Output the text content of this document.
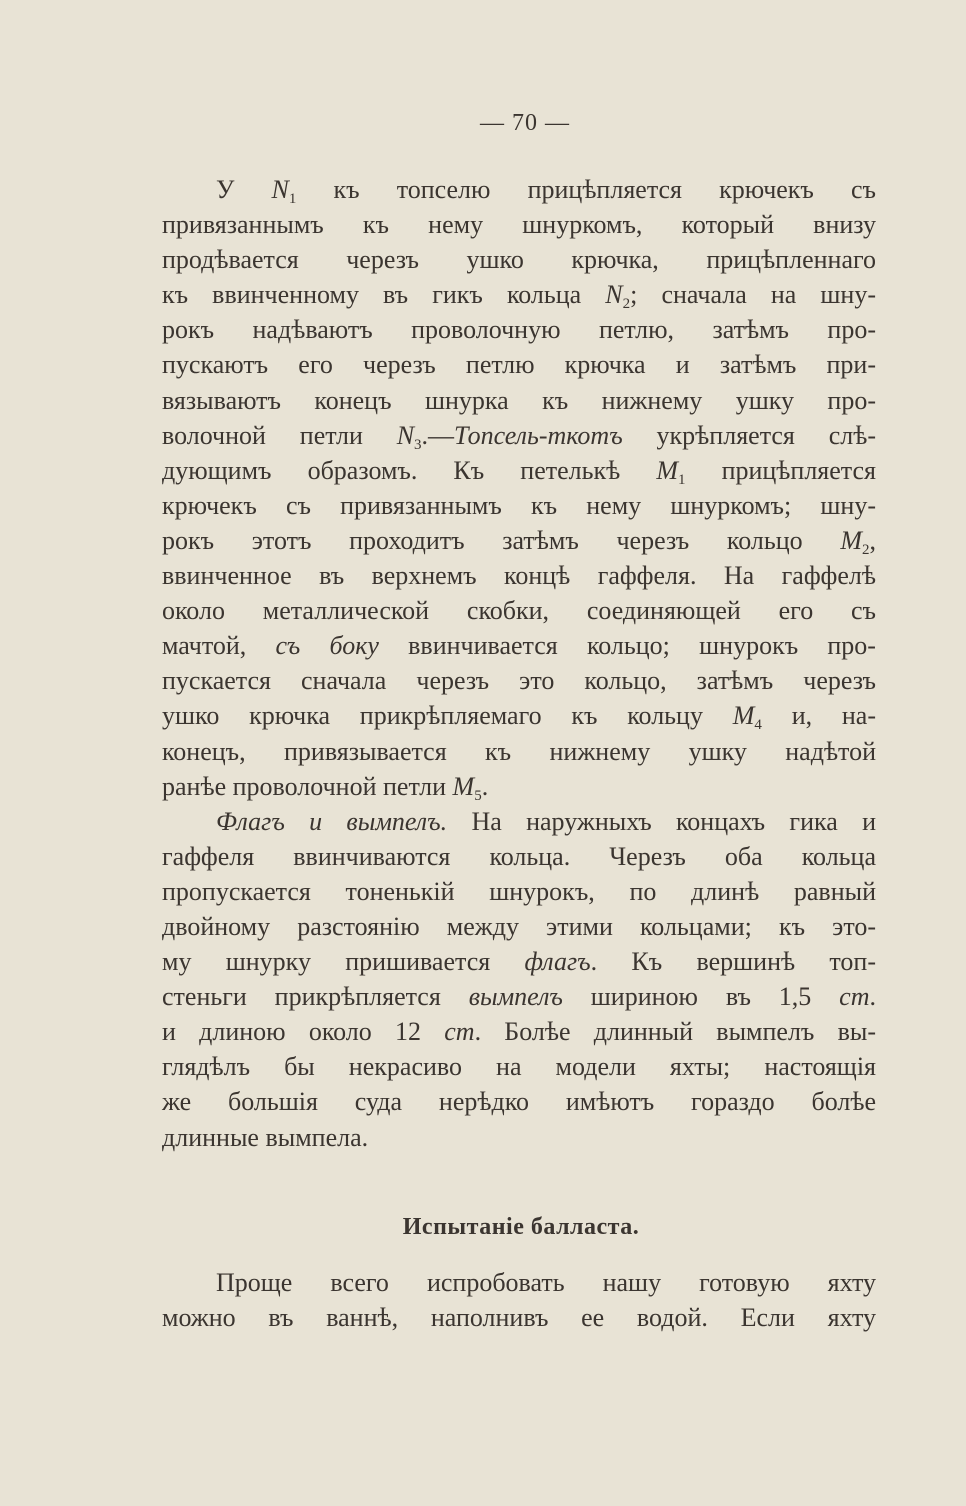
— 70 —
У $N_1$ къ топселю прицѣпляется крючекъ съ
привязаннымъ къ нему шнуркомъ, который внизу
продѣвается черезъ ушко крючка, прицѣпленнаго
къ ввинченному въ гикъ кольца $N_2$; сначала на шну-
рокъ надѣваютъ проволочную петлю, затѣмъ про-
пускаютъ его черезъ петлю крючка и затѣмъ при-
вязываютъ конецъ шнурка къ нижнему ушку про-
волочной петли $N_3.—Топсель$-ткотъ укрѣпляется слѣ-
дующимъ образомъ. Къ петелькѣ $M_1$ прицѣпляется
крючекъ съ привязаннымъ къ нему шнуркомъ; шну-
рокъ этотъ проходитъ затѣмъ черезъ кольцо $M_2$,
ввинченное въ верхнемъ концѣ гаффеля. На гаффелѣ
около металлической скобки, соединяющей его съ
мачтой, съ боку ввинчивается кольцо; шнурокъ про-
пускается сначала черезъ это кольцо, затѣмъ черезъ
ушко крючка прикрѣпляемаго къ кольцу $M_4$ и, на-
конецъ, привязывается къ нижнему ушку надѣтой
ранѣе проволочной петли $M_5$.
Флагъ и вымпелъ. На наружныхъ концахъ гика и
гаффеля ввинчиваются кольца. Черезъ оба кольца
пропускается тоненькій шнурокъ, по длинѣ равный
двойному разстоянію между этими кольцами; къ это-
му шнурку пришивается флагъ. Къ вершинѣ топ-
стеньги прикрѣпляется вымпелъ шириною въ 1,5 cm.
и длиною около 12 cm. Болѣе длинный вымпелъ вы-
глядѣлъ бы некрасиво на модели яхты; настоящія
же большія суда нерѣдко имѣютъ гораздо болѣе
длинные вымпела.
Испытаніе балласта.
Проще всего испробовать нашу готовую яхту
можно въ ваннѣ, наполнивъ ее водой. Если яхту
